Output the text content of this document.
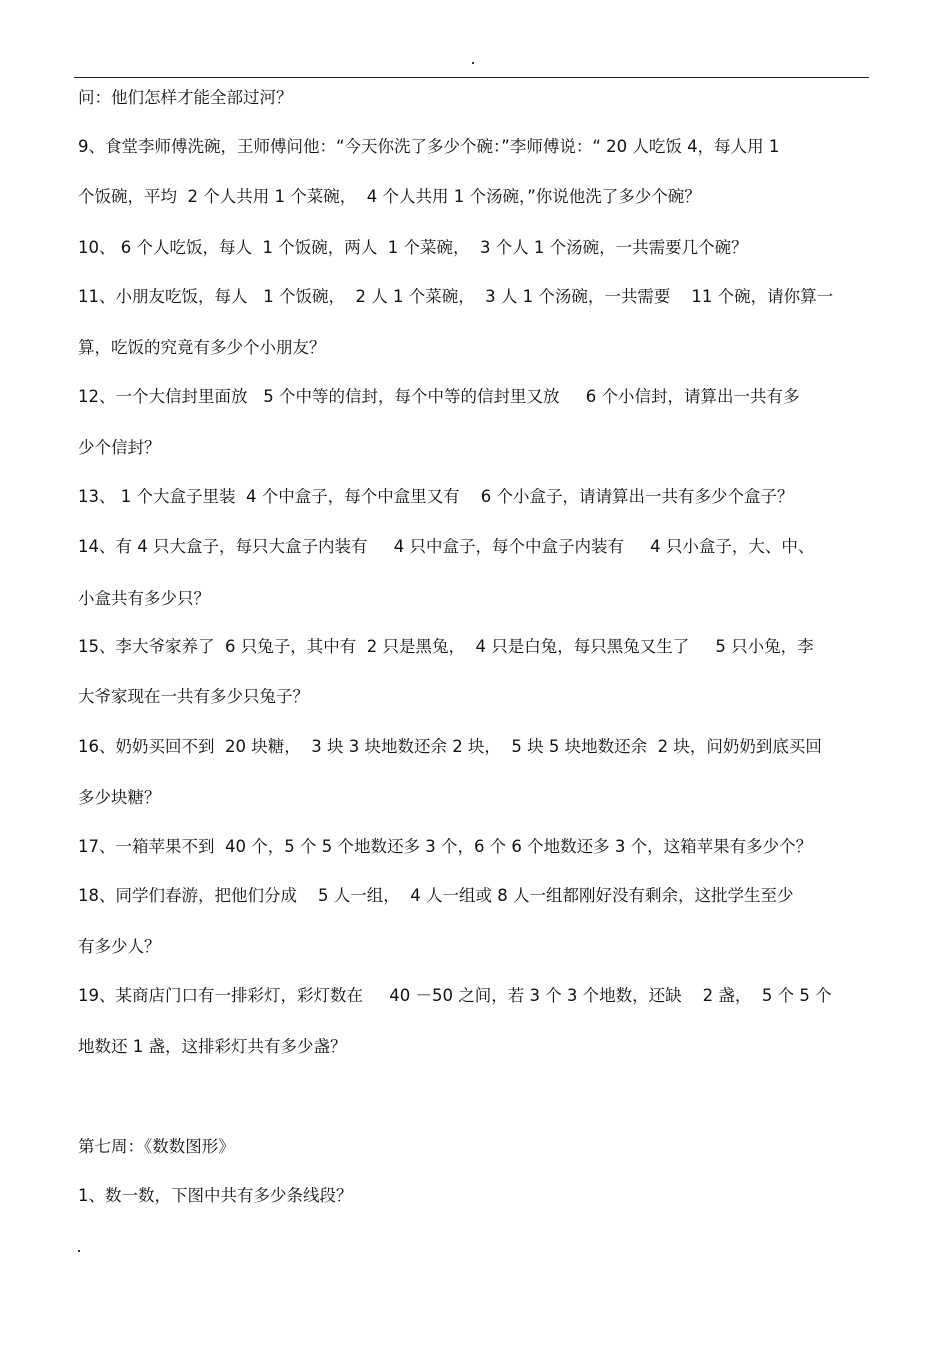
问：他们怎样才能全部过河？
9、食堂李师傅洗碗，王师傅问他：“今天你洗了多少个碗：”李师傅说：“ 20 人吃饭 4，每人用 1
个饭碗，平均  2 个人共用 1 个菜碗，  4 个人共用 1 个汤碗，”你说他洗了多少个碗？
10、 6 个人吃饭，每人  1 个饭碗，两人  1 个菜碗，  3 个人 1 个汤碗，一共需要几个碗？
11、小朋友吃饭，每人   1 个饭碗，  2 人 1 个菜碗，  3 人 1 个汤碗，一共需要    11 个碗，请你算一
算，吃饭的究竟有多少个小朋友？
12、一个大信封里面放   5 个中等的信封，每个中等的信封里又放     6 个小信封，请算出一共有多
少个信封？
13、 1 个大盒子里装  4 个中盒子，每个中盒里又有    6 个小盒子，请请算出一共有多少个盒子？
14、有 4 只大盒子，每只大盒子内装有     4 只中盒子，每个中盒子内装有     4 只小盒子，大、中、
小盒共有多少只？
15、李大爷家养了  6 只兔子，其中有  2 只是黑兔，  4 只是白兔，每只黑兔又生了     5 只小兔，李
大爷家现在一共有多少只兔子？
16、奶奶买回不到  20 块糖，  3 块 3 块地数还余 2 块，  5 块 5 块地数还余  2 块，问奶奶到底买回
多少块糖？
17、一箱苹果不到  40 个，5 个 5 个地数还多 3 个，6 个 6 个地数还多 3 个，这箱苹果有多少个？
18、同学们春游，把他们分成    5 人一组，  4 人一组或 8 人一组都刚好没有剩余，这批学生至少
有多少人？
19、某商店门口有一排彩灯，彩灯数在     40 －50 之间，若 3 个 3 个地数，还缺    2 盏，  5 个 5 个
地数还 1 盏，这排彩灯共有多少盏？
第七周：《数数图形》
1、数一数，下图中共有多少条线段？
